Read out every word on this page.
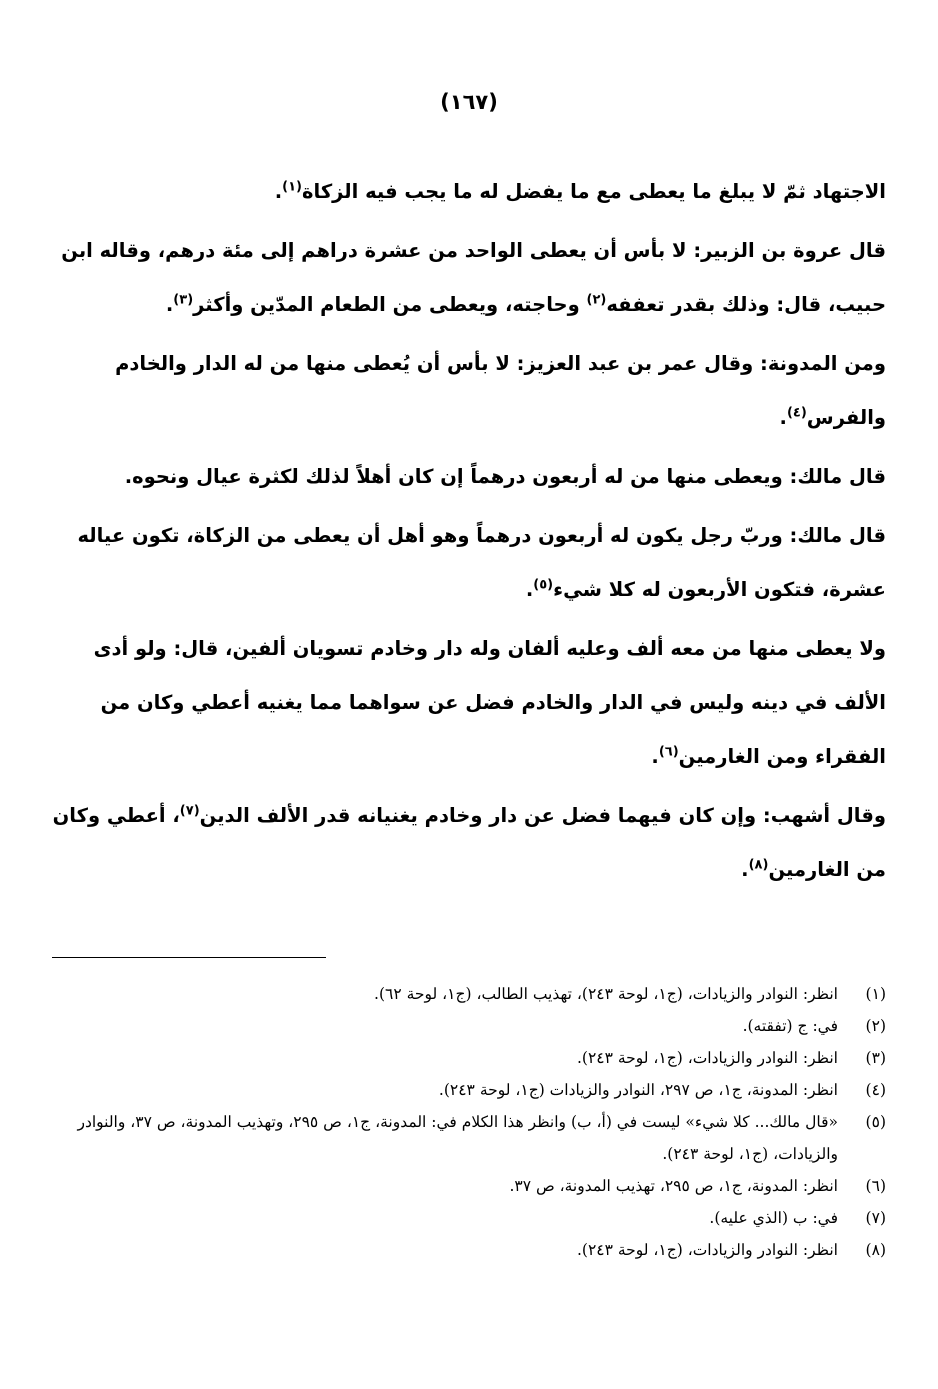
(١٦٧)

الاجتهاد ثمّ لا يبلغ ما يعطى مع ما يفضل له ما يجب فيه الزكاة$^{(١)}$.

قال عروة بن الزبير: لا بأس أن يعطى الواحد من عشرة دراهم إلى مئة درهم، وقاله ابن حبيب، قال: وذلك بقدر تعففه$^{(٢)}$ وحاجته، ويعطى من الطعام المدّين وأكثر$^{(٣)}$.

ومن المدونة: وقال عمر بن عبد العزيز: لا بأس أن يُعطى منها من له الدار والخادم والفرس$^{(٤)}$.

قال مالك: ويعطى منها من له أربعون درهماً إن كان أهلاً لذلك لكثرة عيال ونحوه.

قال مالك: وربّ رجل يكون له أربعون درهماً وهو أهل أن يعطى من الزكاة، تكون عياله عشرة، فتكون الأربعون له كلا شيء$^{(٥)}$.

ولا يعطى منها من معه ألف وعليه ألفان وله دار وخادم تسويان ألفين، قال: ولو أدى الألف في دينه وليس في الدار والخادم فضل عن سواهما مما يغنيه أعطي وكان من الفقراء ومن الغارمين$^{(٦)}$.

وقال أشهب: وإن كان فيهما فضل عن دار وخادم يغنيانه قدر الألف الدين$^{(٧)}$، أعطي وكان من الغارمين$^{(٨)}$.

(١)
انظر: النوادر والزيادات، (ج١، لوحة ٢٤٣)، تهذيب الطالب، (ج١، لوحة ٦٢).

(٢)
في: ج (تفقته).

(٣)
انظر: النوادر والزيادات، (ج١، لوحة ٢٤٣).

(٤)
انظر: المدونة، ج١، ص ٢٩٧، النوادر والزيادات (ج١، لوحة ٢٤٣).

(٥)
«قال مالك... كلا شيء» ليست في (أ، ب) وانظر هذا الكلام في: المدونة، ج١، ص ٢٩٥، وتهذيب المدونة، ص ٣٧، والنوادر والزيادات، (ج١، لوحة ٢٤٣).

(٦)
انظر: المدونة، ج١، ص ٢٩٥، تهذيب المدونة، ص ٣٧.

(٧)
في: ب (الذي عليه).

(٨)
انظر: النوادر والزيادات، (ج١، لوحة ٢٤٣).
